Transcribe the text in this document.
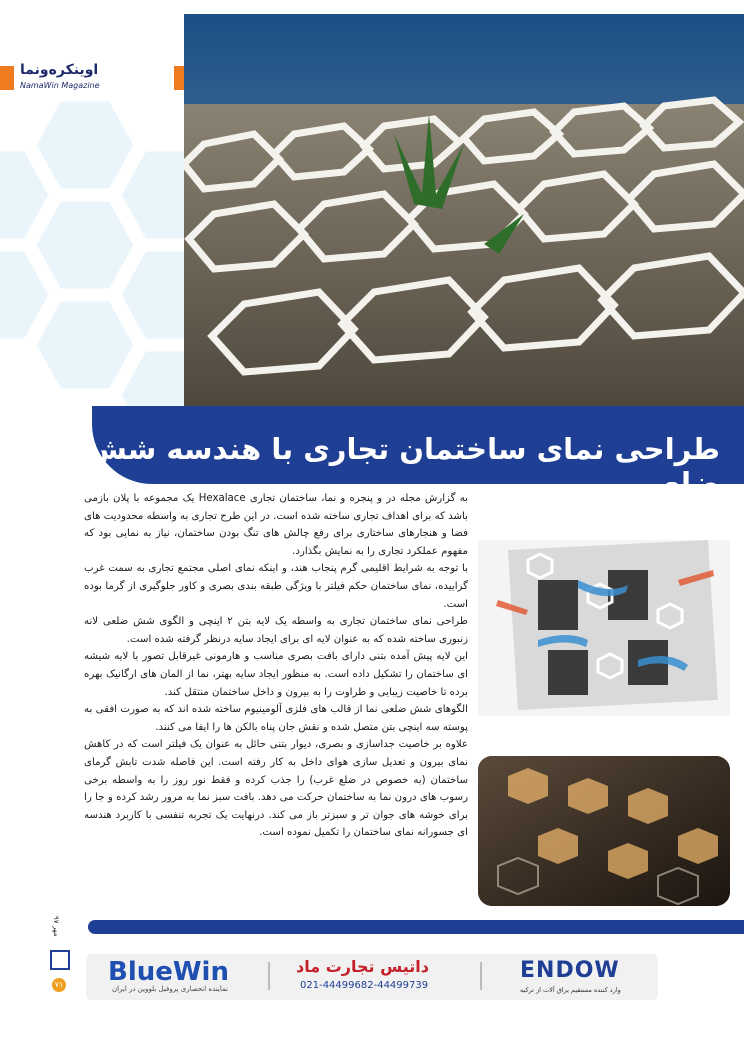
اوینکره‌ونما
NamaWin Magazine
طراحی نمای ساختمان تجاری با هندسه شش ضلعی

به گزارش مجله در و پنجره و نما، ساختمان تجاری Hexalace یک مجموعه با پلان بازمی باشد که برای اهداف تجاری ساخته شده است. در این طرح تجاری به واسطه محدودیت های فضا و هنجارهای ساختاری برای رفع چالش های تنگ بودن ساختمان، نیاز به نمایی بود که مفهوم عملکرد تجاری را به نمایش بگذارد.

با توجه به شرایط اقلیمی گرم پنجاب هند، و اینکه نمای اصلی مجتمع تجاری به سمت غرب گراییده، نمای ساختمان حکم فیلتر با ویژگی طبقه بندی بصری و کاور جلوگیری از گرما بوده است.

طراحی نمای ساختمان تجاری به واسطه یک لایه بتن ۲ اینچی و الگوی شش ضلعی لانه زنبوری ساخته شده که به عنوان لایه ای برای ایجاد سایه درنظر گرفته شده است.

این لایه پیش آمده بتنی دارای بافت بصری مناسب و هارمونی غیرقابل تصور با لایه شیشه ای ساختمان را تشکیل داده است. به منظور ایجاد سایه بهتر، نما از المان های ارگانیک بهره برده تا خاصیت زیبایی و طراوت را به بیرون و داخل ساختمان منتقل کند.

الگوهای شش ضلعی نما از قالب های فلزی آلومینیوم ساخته شده اند که به صورت افقی به پوسته سه اینچی بتن متصل شده و نقش جان پناه بالکن ها را ایفا می کنند.

علاوه بر خاصیت جداسازی و بصری، دیوار بتنی حائل به عنوان یک فیلتر است که در کاهش نمای بیرون و تعدیل سازی هوای داخل به کار رفته است. این فاصله شدت تابش گرمای ساختمان (به خصوص در ضلع غرب) را جذب کرده و فقط نور روز را به واسطه برخی رسوب های درون نما به ساختمان حرکت می دهد. بافت سبز نما به مرور رشد کرده و جا را برای خوشه های جوان تر و سبزتر باز می کند. درنهایت یک تجربه تنفسی با کاربرد هندسه ای جسورانه نمای ساختمان را تکمیل نموده است.

مهر ۹۷
۷۱ BlueWin
نماینده انحصاری پروفیل بلووین در ایران
داتیس تجارت ماد
021-44499682-44499739
ENDOW
وارد کننده مستقیم یراق آلات از ترکیه
